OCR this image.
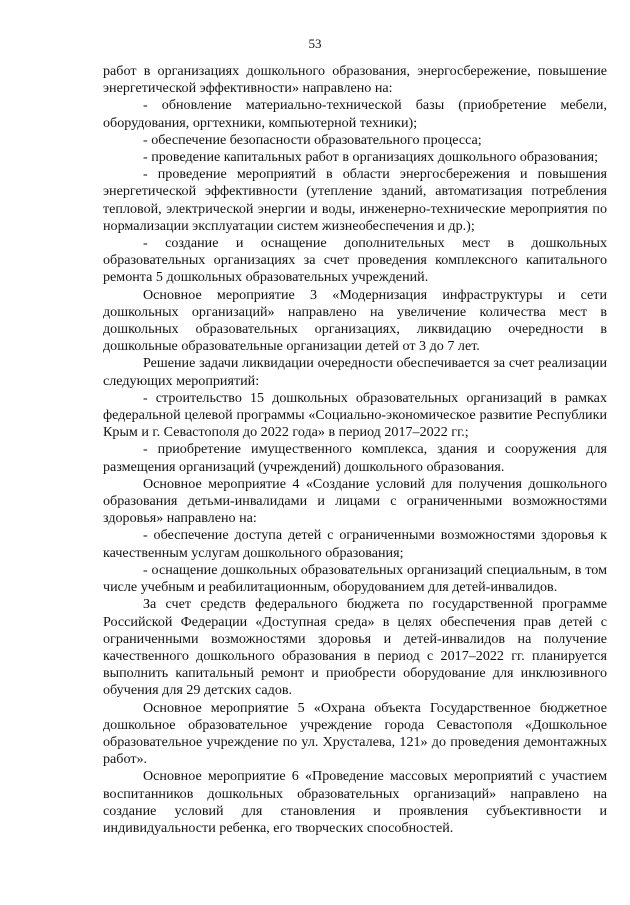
53

работ в организациях дошкольного образования, энергосбережение, повышение энергетической эффективности» направлено на:

- обновление материально-технической базы (приобретение мебели, оборудования, оргтехники, компьютерной техники);

- обеспечение безопасности образовательного процесса;

- проведение капитальных работ в организациях дошкольного образования;

- проведение мероприятий в области энергосбережения и повышения энергетической эффективности (утепление зданий, автоматизация потребления тепловой, электрической энергии и воды, инженерно-технические мероприятия по нормализации эксплуатации систем жизнеобеспечения и др.);

- создание и оснащение дополнительных мест в дошкольных образовательных организациях за счет проведения комплексного капитального ремонта 5 дошкольных образовательных учреждений.

Основное мероприятие 3 «Модернизация инфраструктуры и сети дошкольных организаций» направлено на увеличение количества мест в дошкольных образовательных организациях, ликвидацию очередности в дошкольные образовательные организации детей от 3 до 7 лет.

Решение задачи ликвидации очередности обеспечивается за счет реализации следующих мероприятий:

- строительство 15 дошкольных образовательных организаций в рамках федеральной целевой программы «Социально-экономическое развитие Республики Крым и г. Севастополя до 2022 года» в период 2017–2022 гг.;

- приобретение имущественного комплекса, здания и сооружения для размещения организаций (учреждений) дошкольного образования.

Основное мероприятие 4 «Создание условий для получения дошкольного образования детьми-инвалидами и лицами с ограниченными возможностями здоровья» направлено на:

- обеспечение доступа детей с ограниченными возможностями здоровья к качественным услугам дошкольного образования;

- оснащение дошкольных образовательных организаций специальным, в том числе учебным и реабилитационным, оборудованием для детей-инвалидов.

За счет средств федерального бюджета по государственной программе Российской Федерации «Доступная среда» в целях обеспечения прав детей с ограниченными возможностями здоровья и детей-инвалидов на получение качественного дошкольного образования в период с 2017–2022 гг. планируется выполнить капитальный ремонт и приобрести оборудование для инклюзивного обучения для 29 детских садов.

Основное мероприятие 5 «Охрана объекта Государственное бюджетное дошкольное образовательное учреждение города Севастополя «Дошкольное образовательное учреждение по ул. Хрусталева, 121» до проведения демонтажных работ».

Основное мероприятие 6 «Проведение массовых мероприятий с участием воспитанников дошкольных образовательных организаций» направлено на создание условий для становления и проявления субъективности и индивидуальности ребенка, его творческих способностей.
